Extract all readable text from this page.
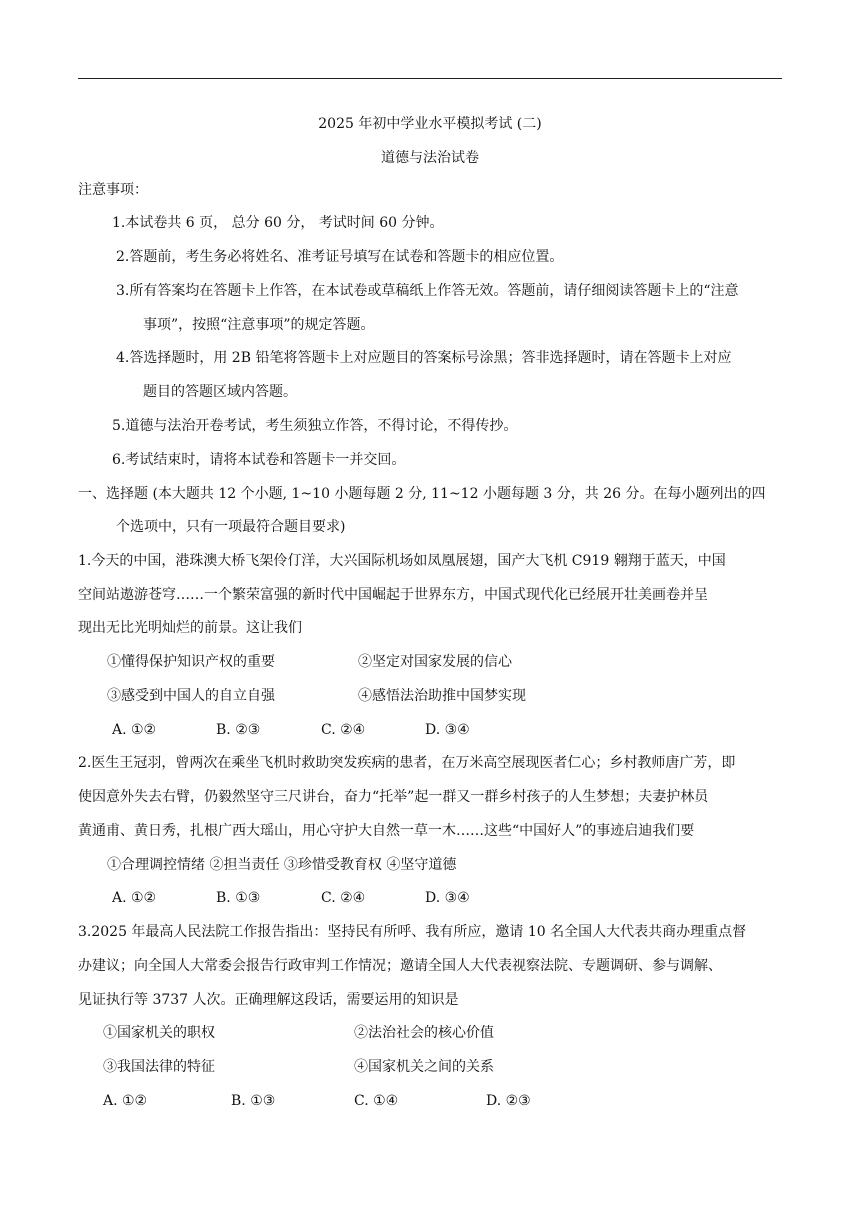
2025 年初中学业水平模拟考试 (二)
道德与法治试卷
注意事项：
1.本试卷共 6 页， 总分 60 分， 考试时间 60 分钟。
2.答题前，考生务必将姓名、准考证号填写在试卷和答题卡的相应位置。
3.所有答案均在答题卡上作答，在本试卷或草稿纸上作答无效。答题前，请仔细阅读答题卡上的“注意
事项”，按照“注意事项”的规定答题。
4.答选择题时，用 2B 铅笔将答题卡上对应题目的答案标号涂黑；答非选择题时，请在答题卡上对应
题目的答题区域内答题。
5.道德与法治开卷考试，考生须独立作答，不得讨论，不得传抄。
6.考试结束时，请将本试卷和答题卡一并交回。
一、选择题 (本大题共 12 个小题, 1~10 小题每题 2 分, 11~12 小题每题 3 分，共 26 分。在每小题列出的四
个选项中，只有一项最符合题目要求)
1.今天的中国，港珠澳大桥飞架伶仃洋，大兴国际机场如凤凰展翅，国产大飞机 C919 翱翔于蓝天，中国
空间站遨游苍穹……一个繁荣富强的新时代中国崛起于世界东方，中国式现代化已经展开壮美画卷并呈
现出无比光明灿烂的前景。这让我们
①懂得保护知识产权的重要	②坚定对国家发展的信心
③感受到中国人的自立自强	④感悟法治助推中国梦实现
A. ①②	B. ②③	C. ②④	D. ③④
2.医生王冠羽，曾两次在乘坐飞机时救助突发疾病的患者，在万米高空展现医者仁心；乡村教师唐广芳，即
使因意外失去右臂，仍毅然坚守三尺讲台，奋力“托举”起一群又一群乡村孩子的人生梦想；夫妻护林员
黄通甫、黄日秀，扎根广西大瑶山，用心守护大自然一草一木……这些“中国好人”的事迹启迪我们要
①合理调控情绪 ②担当责任 ③珍惜受教育权 ④坚守道德
A. ①②	B. ①③	C. ②④	D. ③④
3.2025 年最高人民法院工作报告指出：坚持民有所呼、我有所应，邀请 10 名全国人大代表共商办理重点督
办建议；向全国人大常委会报告行政审判工作情况；邀请全国人大代表视察法院、专题调研、参与调解、
见证执行等 3737 人次。正确理解这段话，需要运用的知识是
①国家机关的职权	②法治社会的核心价值
③我国法律的特征	④国家机关之间的关系
A. ①②	B. ①③	C. ①④	D. ②③
